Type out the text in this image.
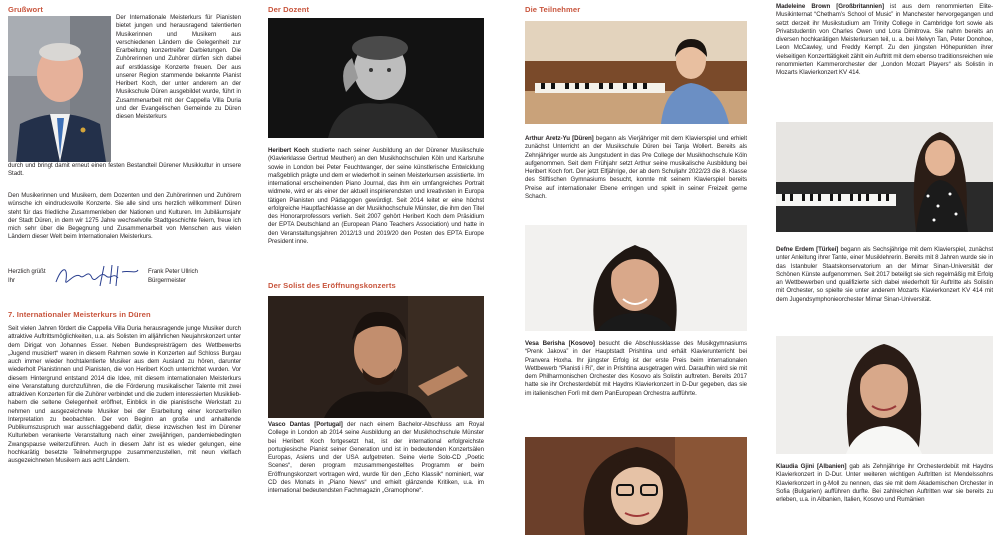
Grußwort

Der Internationale Meisterkurs für Pianisten bietet jungen und herausragend talentierten Musikerinnen und Musikern aus verschiedenen Ländern die Gelegenheit zur Erarbeitung konzertreifer Darbietungen. Die Zuhörerinnen und Zuhörer dürfen sich dabei auf erstklassige Konzerte freuen. Der aus unserer Region stammende bekannte Pianist Heribert Koch, der unter anderem an der Musikschule Düren ausgebildet wurde, führt in Zusammenarbeit mit der Cappella Villa Duria und der Evangelischen Gemeinde zu Düren diesen Meisterkurs

durch und bringt damit erneut einen festen Bestandteil Dürener Musikkultur in unsere Stadt.

Den Musikerinnen und Musikern, dem Dozenten und den Zuhörerinnen und Zuhörern wünsche ich eindrucksvolle Konzerte. Sie alle sind uns herzlich willkommen! Düren steht für das friedliche Zusammenleben der Nationen und Kulturen. Im Jubiläumsjahr der Stadt Düren, in dem wir 1275 Jahre wechselvolle Stadtgeschichte feiern, freue ich mich sehr über die Begegnung und Zusammenarbeit von Menschen aus vielen Ländern dieser Welt beim Internationalen Meisterkurs.

Herzlich grüßt

Ihr

Frank Peter Ullrich

Bürgermeister

7. Internationaler Meisterkurs in Düren

Seit vielen Jahren fördert die Cappella Villa Duria herausragende junge Musiker durch attraktive Auftrittsmöglichkeiten, u.a. als Solisten im alljährlichen Neujahrskonzert unter dem Dirigat von Johannes Esser. Neben Bundespreisträgern des Wettbewerbs „Jugend musiziert“ waren in diesem Rahmen sowie in Konzerten auf Schloss Burgau auch immer wieder hochtalentierte Musiker aus dem Ausland zu hören, darunter wiederholt Pianistinnen und Pianisten, die von Heribert Koch unterrichtet wurden. Vor diesem Hintergrund entstand 2014 die Idee, mit diesem internationalen Meisterkurs eine Veranstaltung durchzuführen, die die Förderung musikalischer Talente mit zwei attraktiven Konzerten für die Zuhörer verbindet und die zudem interessierten Musikliebhabern die seltene Gelegenheit eröffnet, Einblick in die pianistische Werkstatt zu nehmen und ausgezeichnete Musiker bei der Erarbeitung einer konzertreifen Interpretation zu beobachten. Der von Beginn an große und anhaltende Publikumszuspruch war ausschlaggebend dafür, diese inzwischen fest im Dürener Kulturleben verankerte Veranstaltung nach einer zweijährigen, pandemiebedingten Zwangspause weiterzuführen. Auch in diesem Jahr ist es wieder gelungen, eine hochkarätig besetzte Teilnehmergruppe zusammenzustellen, mit neun vielfach ausgezeichneten Musikern aus acht Ländern.

Der Dozent

Heribert Koch studierte nach seiner Ausbildung an der Dürener Musikschule (Klavierklasse Gertrud Meuthen) an den Musikhochschulen Köln und Karlsruhe sowie in London bei Peter Feuchtwanger, der seine künstlerische Entwicklung maßgeblich prägte und dem er wiederholt in seinen Meisterkursen assistierte. Im international erscheinenden Piano Journal, das ihm ein umfangreiches Portrait widmete, wird er als einer der aktuell inspirierendsten und kreativsten in Europa tätigen Pianisten und Pädagogen gewürdigt. Seit 2014 leitet er eine höchst erfolgreiche Hauptfachklasse an der Musikhochschule Münster, die ihm den Titel des Honorarprofessors verlieh. Seit 2007 gehört Heribert Koch dem Präsidium der EPTA Deutschland an (European Piano Teachers Association) und hatte in den Veranstaltungsjahren 2012/13 und 2019/20 den Posten des EPTA Europe President inne.

Der Solist des Eröffnungskonzerts

Vasco Dantas [Portugal] der nach einem Bachelor-Abschluss am Royal College in London ab 2014 seine Ausbildung an der Musikhochschule Münster bei Heribert Koch fortgesetzt hat, ist der international erfolgreichste portugiesische Pianist seiner Generation und ist in bedeutenden Konzertsälen Europas, Asiens und der USA aufgetreten. Seine vierte Solo-CD „Poetic Scenes“, deren program mzusammengestelltes Programm er beim Eröffnungskonzert vortragen wird, wurde für den „Echo Klassik“ nominiert, war CD des Monats in „Piano News“ und erhielt glänzende Kritiken, u.a. im international bedeutendsten Fachmagazin „Gramophone“.

Die Teilnehmer

Arthur Aretz-Yu [Düren] begann als Vierjähriger mit dem Klavierspiel und erhielt zunächst Unterricht an der Musikschule Düren bei Tanja Wollert. Bereits als Zehnjähriger wurde als Jungstudent in das Pre College der Musikhochschule Köln aufgenommen. Seit dem Frühjahr setzt Arthur seine musikalische Ausbildung bei Heribert Koch fort. Der jetzt Elfjährige, der ab dem Schuljahr 2022/23 die 8. Klasse des Stiftischen Gymnasiums besucht, konnte mit seinem Klavierspiel bereits Preise auf internationaler Ebene erringen und spielt in seiner Freizeit gerne Schach.

Vesa Berisha [Kosovo] besucht die Abschlussklasse des Musikgymnasiums “Prenk Jakova” in der Hauptstadt Prishtina und erhält Klavierunterricht bei Pranvera Hoxha. Ihr jüngster Erfolg ist der erste Preis beim internationalen Wettbewerb “Pianisti i Ri”, der in Prishtina ausgetragen wird. Daraufhin wird sie mit dem Philharmonischen Orchester des Kosovo als Solistin auftreten. Bereits 2017 hatte sie ihr Orchesterdebüt mit Haydns Klavierkonzert in D-Dur gegeben, das sie im italienischen Forlì mit dem PanEuropean Orchestra aufführte.

Madeleine Brown [Großbritannien] ist aus dem renommierten Elite-Musikinternat “Chetham’s School of Music” in Manchester hervorgegangen und setzt derzeit ihr Musikstudium am Trinity College in Cambridge fort sowie als Privatstudentin von Charles Owen und Lora Dimitrova. Sie nahm bereits an diversen hochkarätigen Meisterkursen teil, u. a. bei Melvyn Tan, Peter Donohoe, Leon McCawley, und Freddy Kempf. Zu den jüngsten Höhepunkten ihrer vielseitigen Konzerttätigkeit zählt ein Auftritt mit dem ebenso traditionsreichen wie renommierten Kammerorchester der „London Mozart Players“ als Solistin in Mozarts Klavierkonzert KV 414.

Defne Erdem [Türkei] begann als Sechsjährige mit dem Klavierspiel, zunächst unter Anleitung ihrer Tante, einer Musiklehrerin. Bereits mit 8 Jahren wurde sie in das Istanbuler Staatskonservatorium an der Mimar Sinan-Universität der Schönen Künste aufgenommen. Seit 2017 beteiligt sie sich regelmäßig mit Erfolg an Wettbewerben und qualifizierte sich dabei wiederholt für Auftritte als Solistin mit Orchester, so spielte sie unter anderem Mozarts Klavierkonzert KV 414 mit dem Jugendsymphonieorchester Mimar Sinan-Universität.

Klaudia Gjini [Albanien] gab als Zehnjährige ihr Orchesterdebüt mit Haydns Klavierkonzert in D-Dur. Unter weiteren wichtigen Auftritten ist Mendelssohns Klavierkonzert in g-Moll zu nennen, das sie mit dem Akademischen Orchester in Sofia (Bulgarien) aufführen durfte. Bei zahlreichen Auftritten war sie bereits zu erleben, u.a. in Albanien, Italien, Kosovo und Rumänien
